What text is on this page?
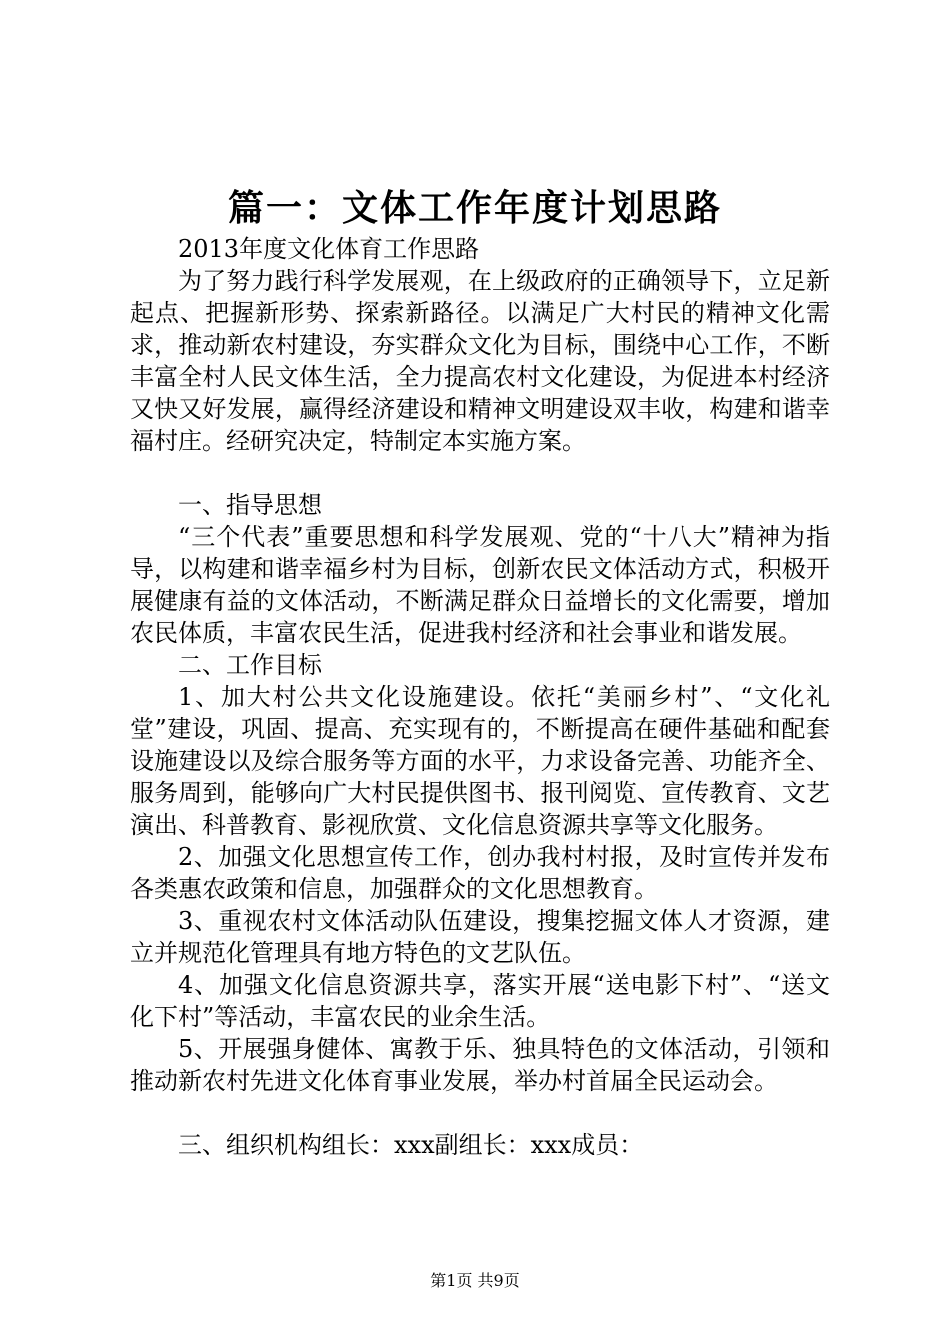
篇一：文体工作年度计划思路

2013年度文化体育工作思路

为了努力践行科学发展观，在上级政府的正确领导下，立足新起点、把握新形势、探索新路径。以满足广大村民的精神文化需求，推动新农村建设，夯实群众文化为目标，围绕中心工作，不断丰富全村人民文体生活，全力提高农村文化建设，为促进本村经济又快又好发展，赢得经济建设和精神文明建设双丰收，构建和谐幸福村庄。经研究决定，特制定本实施方案。

一、指导思想

“三个代表”重要思想和科学发展观、党的“十八大”精神为指导，以构建和谐幸福乡村为目标，创新农民文体活动方式，积极开展健康有益的文体活动，不断满足群众日益增长的文化需要，增加农民体质，丰富农民生活，促进我村经济和社会事业和谐发展。

二、工作目标

1、加大村公共文化设施建设。依托“美丽乡村”、“文化礼堂”建设，巩固、提高、充实现有的，不断提高在硬件基础和配套设施建设以及综合服务等方面的水平，力求设备完善、功能齐全、服务周到，能够向广大村民提供图书、报刊阅览、宣传教育、文艺演出、科普教育、影视欣赏、文化信息资源共享等文化服务。

2、加强文化思想宣传工作，创办我村村报，及时宣传并发布各类惠农政策和信息，加强群众的文化思想教育。

3、重视农村文体活动队伍建设，搜集挖掘文体人才资源，建立并规范化管理具有地方特色的文艺队伍。

4、加强文化信息资源共享，落实开展“送电影下村”、“送文化下村”等活动，丰富农民的业余生活。

5、开展强身健体、寓教于乐、独具特色的文体活动，引领和推动新农村先进文化体育事业发展，举办村首届全民运动会。

三、组织机构组长：xxx副组长：xxx成员：

第1页 共9页
